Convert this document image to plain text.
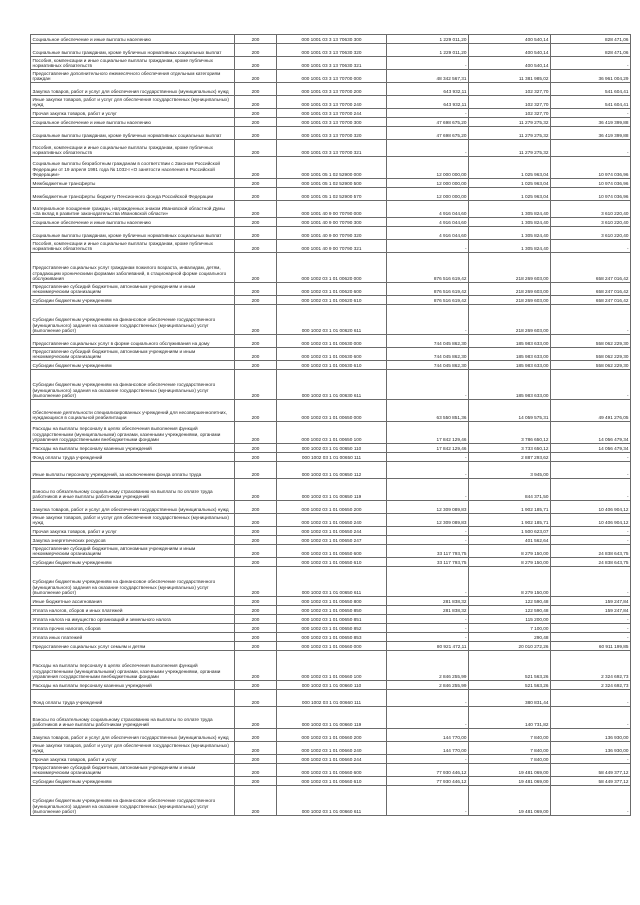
Социальное обеспечение и иные выплаты населению	200	000 1001 03 3 13 70630 300	1 229 011,20	400 540,14	828 471,06
Социальные выплаты гражданам, кроме публичных нормативных социальных выплат	200	000 1001 03 3 13 70630 320	1 229 011,20	400 540,14	828 471,06
Пособия, компенсации и иные социальные выплаты гражданам, кроме публичных нормативных обязательств	200	000 1001 03 3 13 70630 321	-	400 540,14	-
Предоставление дополнительного ежемесячного обеспечения отдельным категориям граждан	200	000 1001 03 3 13 70700 000	48 342 567,31	11 381 985,02	36 961 004,29
Закупка товаров, работ и услуг для обеспечения государственных (муниципальных) нужд	200	000 1001 03 3 13 70700 200	643 932,11	102 327,70	541 604,41
Иные закупки товаров, работ и услуг для обеспечения государственных (муниципальных) нужд	200	000 1001 03 3 13 70700 240	643 932,11	102 327,70	541 604,41
Прочая закупка товаров, работ и услуг	200	000 1001 03 3 13 70700 244	-	102 327,70	-
Социальное обеспечение и иные выплаты населению	200	000 1001 03 3 13 70700 300	47 698 675,20	11 279 275,32	36 419 399,88
Социальные выплаты гражданам, кроме публичных нормативных социальных выплат	200	000 1001 03 3 13 70700 320	47 698 675,20	11 279 275,32	36 419 399,88
Пособия, компенсации и иные социальные выплаты гражданам, кроме публичных нормативных обязательств	200	000 1001 03 3 13 70700 321	-	11 279 275,32	-
Социальные выплаты безработным гражданам в соответствии с Законом Российской Федерации от 19 апреля 1991 года № 1032-I «О занятости населения в Российской Федерации»	200	000 1001 05 1 02 52900 000	12 000 000,00	1 025 963,04	10 974 036,96
Межбюджетные трансферты	200	000 1001 05 1 02 52900 500	12 000 000,00	1 025 963,04	10 974 036,96
Межбюджетные трансферты бюджету Пенсионного фонда Российской Федерации	200	000 1001 05 1 02 52900 570	12 000 000,00	1 025 963,04	10 974 036,96
Материальное поощрение граждан, награжденных знаком Ивановской областной Думы «За вклад в развитие законодательства Ивановской области»	200	000 1001 40 9 00 70790 000	4 916 044,60	1 305 824,40	3 610 220,40
Социальное обеспечение и иные выплаты населению	200	000 1001 40 9 00 70790 300	4 916 044,60	1 305 824,40	3 610 220,40
Социальные выплаты гражданам, кроме публичных нормативных социальных выплат	200	000 1001 40 9 00 70790 320	4 916 044,60	1 305 824,40	3 610 220,40
Пособия, компенсации и иные социальные выплаты гражданам, кроме публичных нормативных обязательств	200	000 1001 40 9 00 70790 321	-	1 305 824,40	-
Предоставление социальных услуг гражданам пожилого возраста, инвалидам, детям, страдающим хроническими формами заболеваний, в стационарной форме социального обслуживания	200	000 1002 03 1 01 00620 000	876 516 619,42	218 269 603,00	658 247 016,42
Предоставление субсидий бюджетным, автономным учреждениям и иным некоммерческим организациям	200	000 1002 03 1 01 00620 600	876 516 619,42	218 269 603,00	658 247 016,42
Субсидии бюджетным учреждениям	200	000 1002 03 1 01 00620 610	876 516 619,42	218 269 603,00	658 247 016,42
Субсидии бюджетным учреждениям на финансовое обеспечение государственного (муниципального) задания на оказание государственных (муниципальных) услуг (выполнение работ)	200	000 1002 03 1 01 00620 611	-	218 269 603,00	-
Предоставление социальных услуг в форме социального обслуживания на дому	200	000 1002 03 1 01 00630 000	744 045 862,30	185 983 633,00	558 062 229,30
Предоставление субсидий бюджетным, автономным учреждениям и иным некоммерческим организациям	200	000 1002 03 1 01 00630 600	744 045 862,30	185 983 633,00	558 062 229,30
Субсидии бюджетным учреждениям	200	000 1002 03 1 01 00630 610	744 045 862,30	185 983 633,00	558 062 229,30
Субсидии бюджетным учреждениям на финансовое обеспечение государственного (муниципального) задания на оказание государственных (муниципальных) услуг (выполнение работ)	200	000 1002 03 1 01 00630 611	-	185 983 633,00	-
Обеспечение деятельности специализированных учреждений для несовершеннолетних, нуждающихся в социальной реабилитации	200	000 1002 03 1 01 00650 000	63 550 851,36	14 059 575,31	49 491 276,05
Расходы на выплаты персоналу в целях обеспечения выполнения функций государственными (муниципальными) органами, казенными учреждениями, органами управления государственными внебюджетными фондами	200	000 1002 03 1 01 00650 100	17 842 129,46	3 786 650,12	14 056 479,34
Расходы на выплаты персоналу казенных учреждений	200	000 1002 03 1 01 00650 110	17 842 129,46	3 733 650,12	14 056 479,34
Фонд оплаты труда учреждений	200	000 1002 03 1 01 00650 111	-	2 887 293,62	-
Иные выплаты персоналу учреждений, за исключением фонда оплаты труда	200	000 1002 03 1 01 00650 112	-	3 945,00	-
Взносы по обязательному социальному страхованию на выплаты по оплате труда работников и иные выплаты работникам учреждений	200	000 1002 03 1 01 00650 119	-	844 371,50	-
Закупка товаров, работ и услуг для обеспечения государственных (муниципальных) нужд	200	000 1002 03 1 01 00650 200	12 309 089,83	1 902 185,71	10 406 904,12
Иные закупки товаров, работ и услуг для обеспечения государственных (муниципальных) нужд	200	000 1002 03 1 01 00650 240	12 309 089,83	1 902 185,71	10 406 904,12
Прочая закупка товаров, работ и услуг	200	000 1002 03 1 01 00650 244	-	1 500 623,07	-
Закупка энергетических ресурсов	200	000 1002 03 1 01 00650 247	-	401 562,64	-
Предоставление субсидий бюджетным, автономным учреждениям и иным некоммерческим организациям	200	000 1002 03 1 01 00650 600	33 117 793,75	8 279 150,00	24 838 643,75
Субсидии бюджетным учреждениям	200	000 1002 03 1 01 00650 610	33 117 793,75	8 279 150,00	24 838 643,75
Субсидии бюджетным учреждениям на финансовое обеспечение государственного (муниципального) задания на оказание государственных (муниципальных) услуг (выполнение работ)	200	000 1002 03 1 01 00650 611	-	8 279 150,00	-
Иные бюджетные ассигнования	200	000 1002 03 1 01 00650 800	281 838,32	122 590,48	159 247,84
Уплата налогов, сборов и иных платежей	200	000 1002 03 1 01 00650 850	281 838,32	122 590,48	159 247,84
Уплата налога на имущество организаций и земельного налога	200	000 1002 03 1 01 00650 851	-	115 200,00	-
Уплата прочих налогов, сборов	200	000 1002 03 1 01 00650 852	-	7 100,00	-
Уплата иных платежей	200	000 1002 03 1 01 00650 853	-	290,48	-
Предоставление социальных услуг семьям и детям	200	000 1002 03 1 01 00660 000	80 921 472,11	20 010 272,26	60 911 199,85
Расходы на выплаты персоналу в целях обеспечения выполнения функций государственными (муниципальными) органами, казенными учреждениями, органами управления государственными внебюджетными фондами	200	000 1002 03 1 01 00660 100	2 846 255,99	521 563,26	2 324 692,73
Расходы на выплаты персоналу казенных учреждений	200	000 1002 03 1 01 00660 110	2 846 255,99	521 563,26	2 324 692,73
Фонд оплаты труда учреждений	200	000 1002 03 1 01 00660 111	-	380 831,44	-
Взносы по обязательному социальному страхованию на выплаты по оплате труда работников и иные выплаты работникам учреждений	200	000 1002 03 1 01 00660 119	-	140 731,82	-
Закупка товаров, работ и услуг для обеспечения государственных (муниципальных) нужд	200	000 1002 03 1 01 00660 200	144 770,00	7 840,00	136 930,00
Иные закупки товаров, работ и услуг для обеспечения государственных (муниципальных) нужд	200	000 1002 03 1 01 00660 240	144 770,00	7 840,00	136 930,00
Прочая закупка товаров, работ и услуг	200	000 1002 03 1 01 00660 244	-	7 840,00	-
Предоставление субсидий бюджетным, автономным учреждениям и иным некоммерческим организациям	200	000 1002 03 1 01 00660 600	77 930 446,12	19 481 069,00	58 449 377,12
Субсидии бюджетным учреждениям	200	000 1002 03 1 01 00660 610	77 930 446,12	19 481 069,00	58 449 377,12
Субсидии бюджетным учреждениям на финансовое обеспечение государственного (муниципального) задания на оказание государственных (муниципальных) услуг (выполнение работ)	200	000 1002 03 1 01 00660 611	-	19 481 069,00	-
